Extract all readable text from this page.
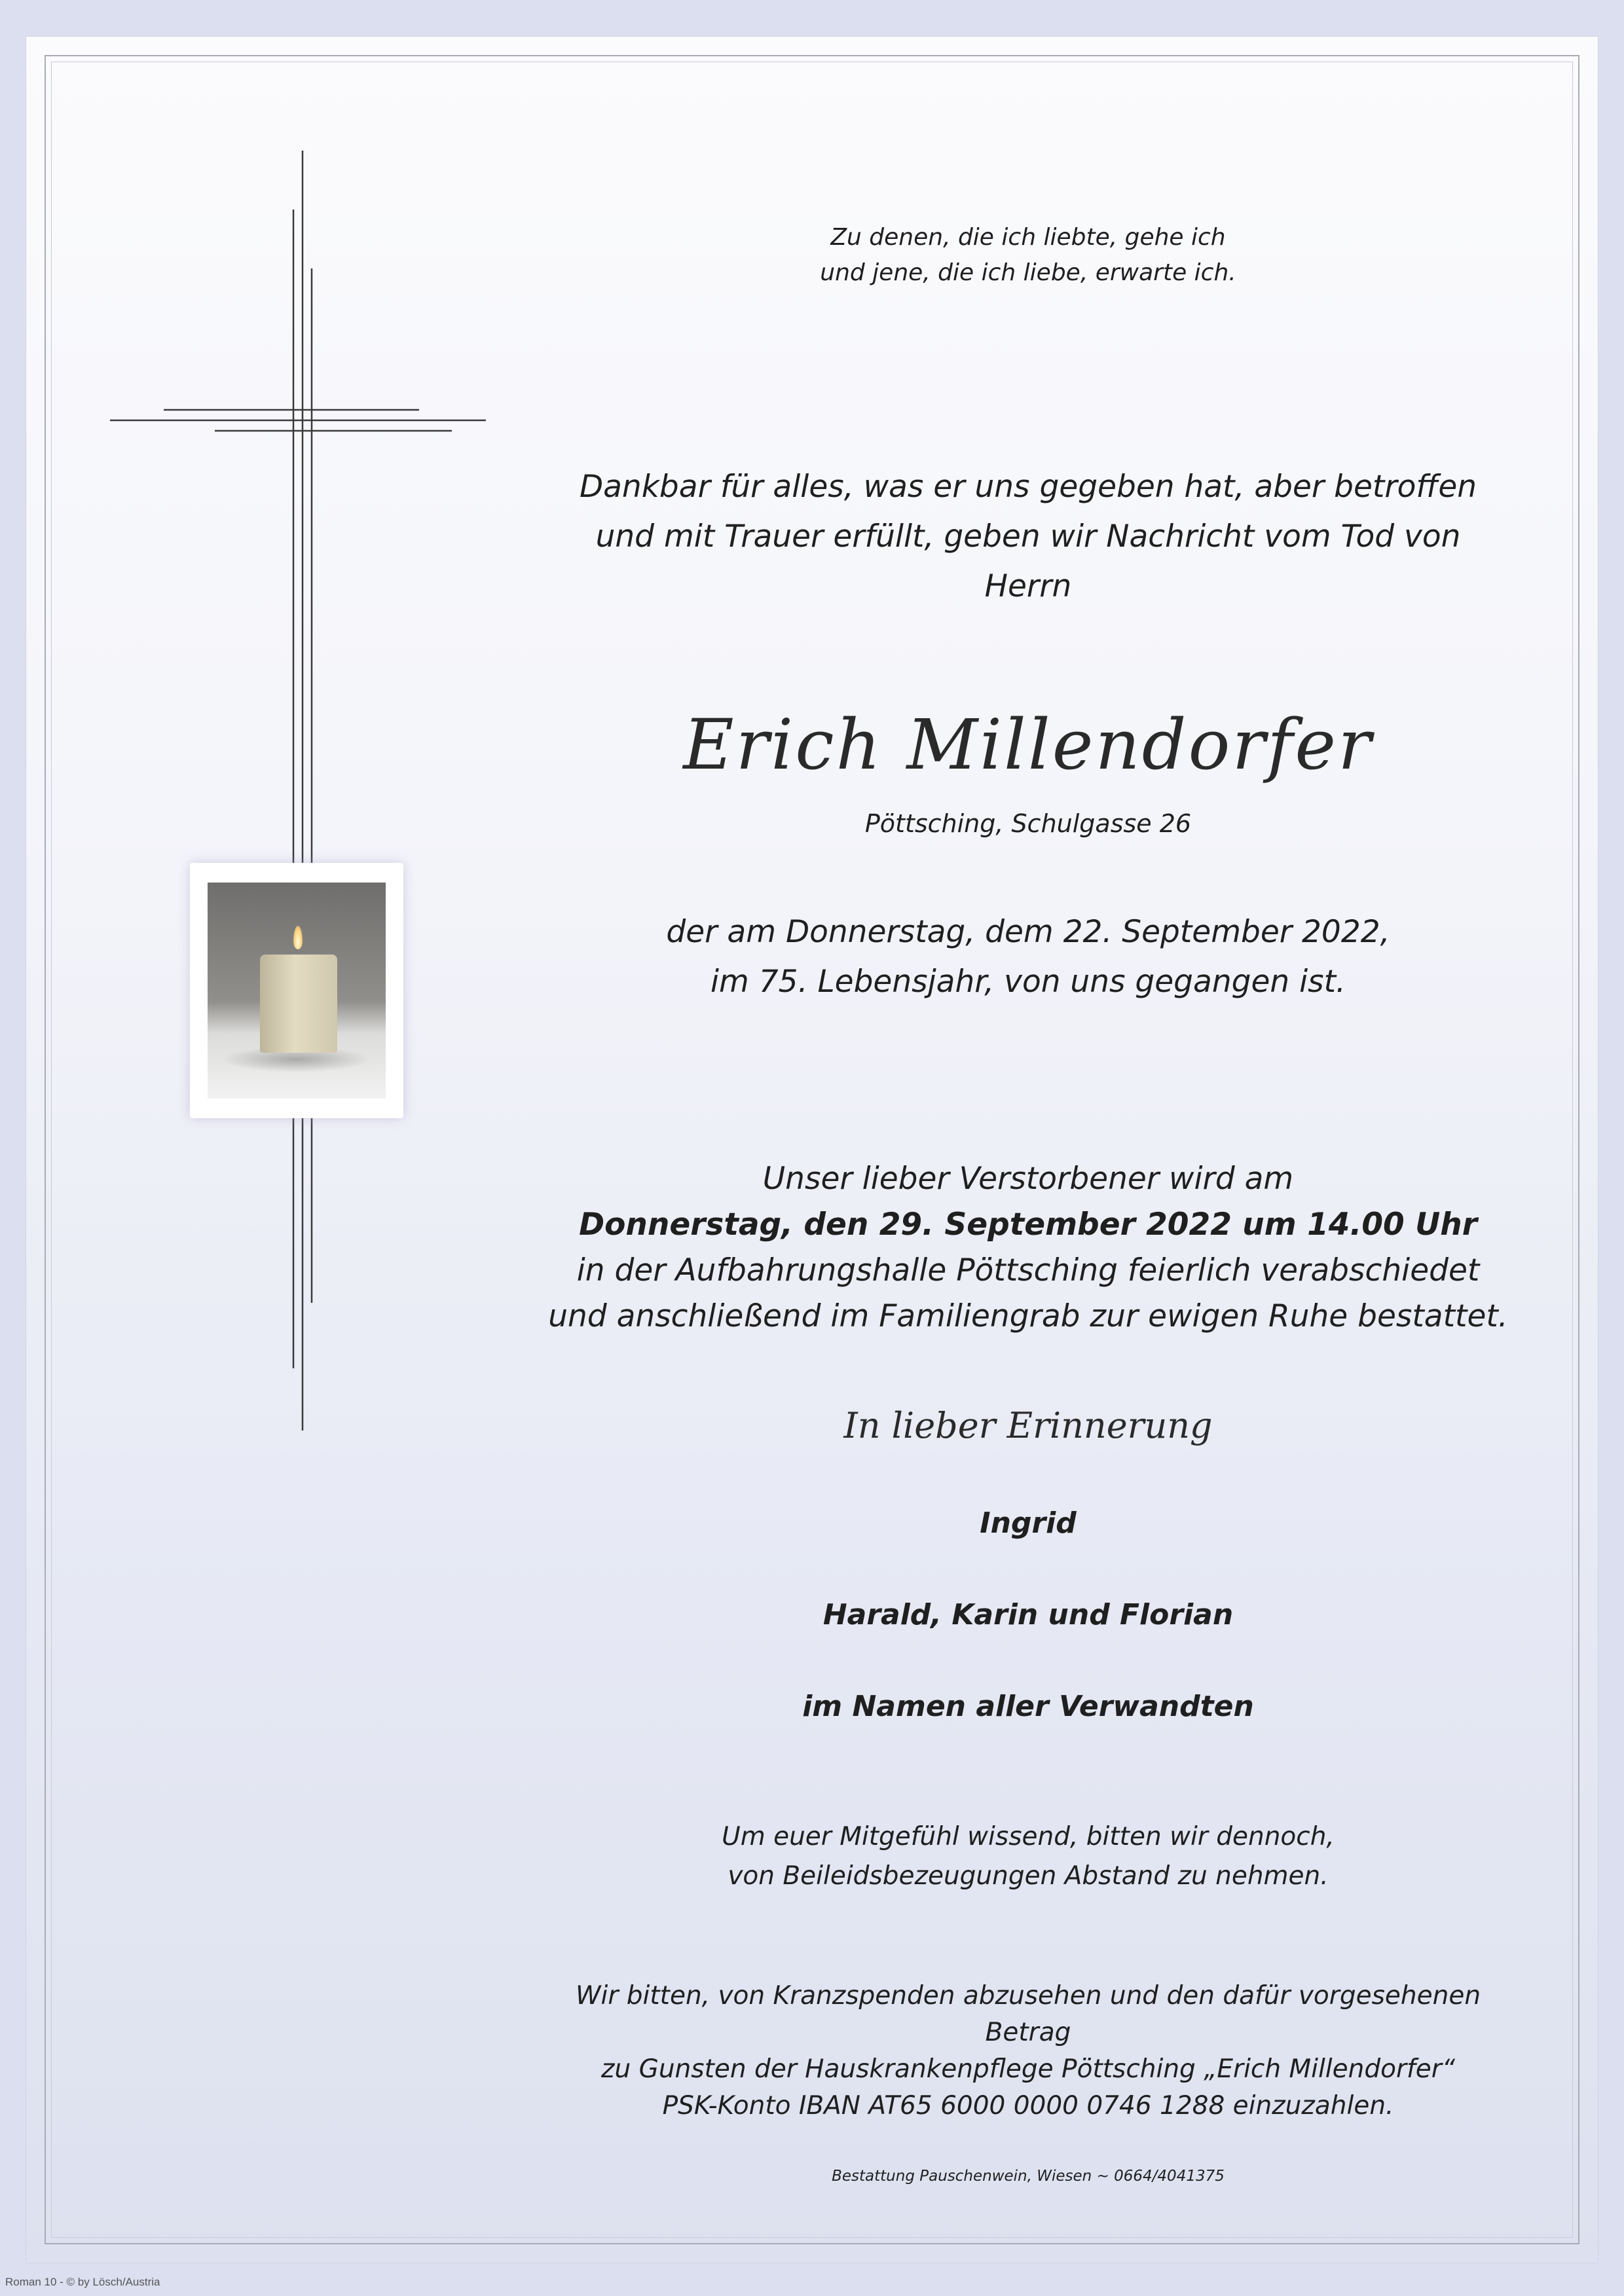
Zu denen, die ich liebte, gehe ich
und jene, die ich liebe, erwarte ich.
Dankbar für alles, was er uns gegeben hat, aber betroffen
und mit Trauer erfüllt, geben wir Nachricht vom Tod von
Herrn
Erich Millendorfer
Pöttsching, Schulgasse 26
der am Donnerstag, dem 22. September 2022,
im 75. Lebensjahr, von uns gegangen ist.
Unser lieber Verstorbener wird am
Donnerstag, den 29. September 2022 um 14.00 Uhr
in der Aufbahrungshalle Pöttsching feierlich verabschiedet
und anschließend im Familiengrab zur ewigen Ruhe bestattet.
In lieber Erinnerung
Ingrid
Harald, Karin und Florian
im Namen aller Verwandten
Um euer Mitgefühl wissend, bitten wir dennoch,
von Beileidsbezeugungen Abstand zu nehmen.
Wir bitten, von Kranzspenden abzusehen und den dafür vorgesehenen Betrag
zu Gunsten der Hauskrankenpflege Pöttsching „Erich Millendorfer“
PSK-Konto IBAN AT65 6000 0000 0746 1288 einzuzahlen.
Bestattung Pauschenwein, Wiesen ~ 0664/4041375
Roman 10 - © by Lösch/Austria
